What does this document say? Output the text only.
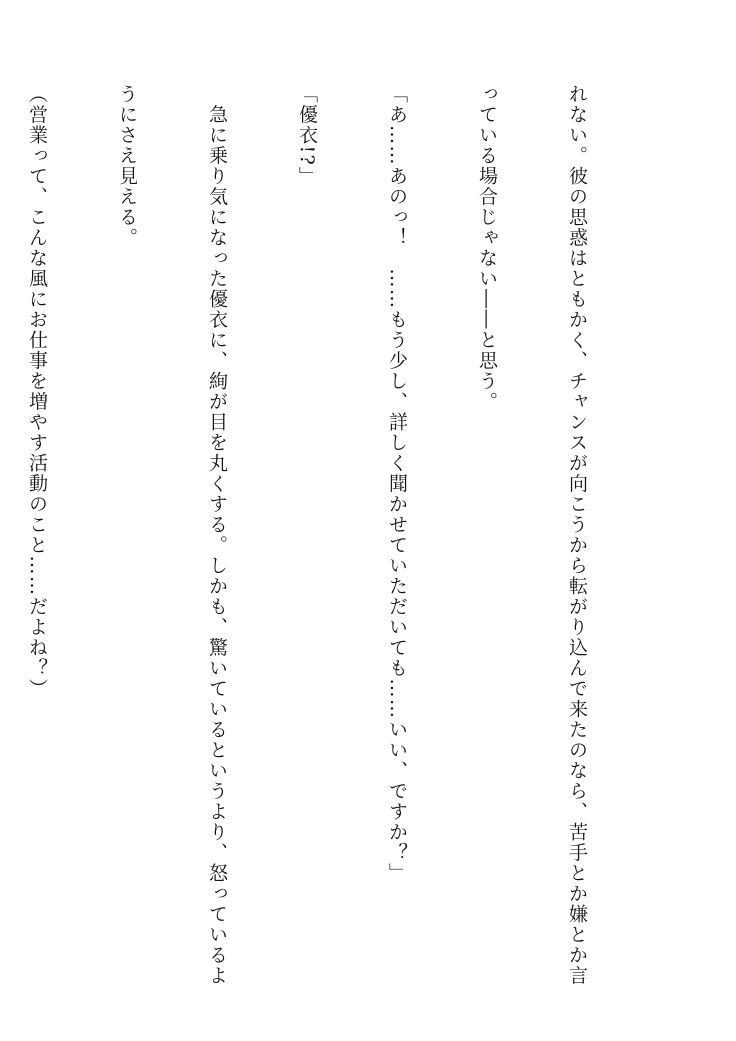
れない。彼の思惑はともかく、チャンスが向こうから転がり込んで来たのなら、苦手とか嫌とか言

っている場合じゃない――と思う。

「あ……あのっ！　……もう少し、詳しく聞かせていただいても……いい、ですか？」

「優衣!?」

　急に乗り気になった優衣に、絢が目を丸くする。しかも、驚いているというより、怒っているよ

うにさえ見える。

（営業って、こんな風にお仕事を増やす活動のこと……だよね？）
